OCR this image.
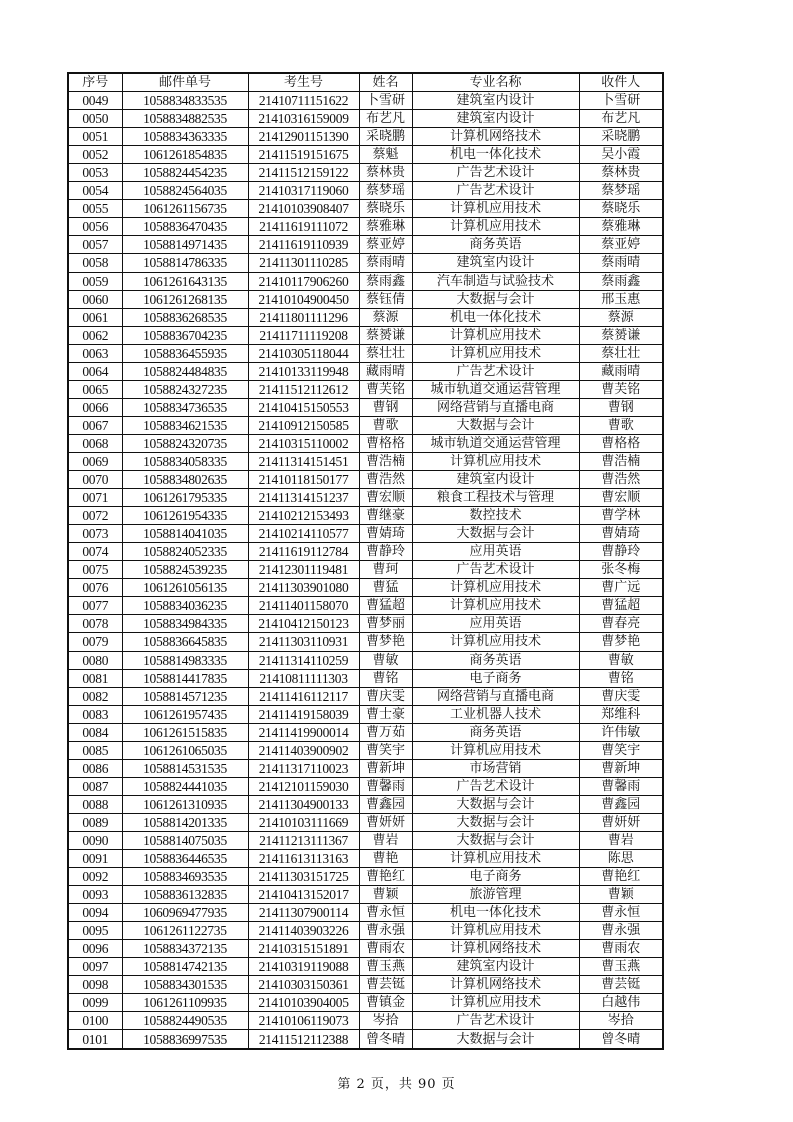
序号	邮件单号	考生号	姓名	专业名称	收件人
0049	1058834833535	21410711151622	卜雪研	建筑室内设计	卜雪研
0050	1058834882535	21410316159009	布艺凡	建筑室内设计	布艺凡
0051	1058834363335	21412901151390	采晓鹏	计算机网络技术	采晓鹏
0052	1061261854835	21411519151675	蔡魁	机电一体化技术	吴小霞
0053	1058824454235	21411512159122	蔡林贵	广告艺术设计	蔡林贵
0054	1058824564035	21410317119060	蔡梦瑶	广告艺术设计	蔡梦瑶
0055	1061261156735	21410103908407	蔡晓乐	计算机应用技术	蔡晓乐
0056	1058836470435	21411619111072	蔡雅琳	计算机应用技术	蔡雅琳
0057	1058814971435	21411619110939	蔡亚婷	商务英语	蔡亚婷
0058	1058814786335	21411301110285	蔡雨晴	建筑室内设计	蔡雨晴
0059	1061261643135	21410117906260	蔡雨鑫	汽车制造与试验技术	蔡雨鑫
0060	1061261268135	21410104900450	蔡钰倩	大数据与会计	邢玉惠
0061	1058836268535	21411801111296	蔡源	机电一体化技术	蔡源
0062	1058836704235	21411711119208	蔡赟谦	计算机应用技术	蔡赟谦
0063	1058836455935	21410305118044	蔡壮壮	计算机应用技术	蔡壮壮
0064	1058824484835	21410133119948	藏雨晴	广告艺术设计	藏雨晴
0065	1058824327235	21411512112612	曹芙铭	城市轨道交通运营管理	曹芙铭
0066	1058834736535	21410415150553	曹钢	网络营销与直播电商	曹钢
0067	1058834621535	21410912150585	曹歌	大数据与会计	曹歌
0068	1058824320735	21410315110002	曹格格	城市轨道交通运营管理	曹格格
0069	1058834058335	21411314151451	曹浩楠	计算机应用技术	曹浩楠
0070	1058834802635	21410118150177	曹浩然	建筑室内设计	曹浩然
0071	1061261795335	21411314151237	曹宏顺	粮食工程技术与管理	曹宏顺
0072	1061261954335	21410212153493	曹继豪	数控技术	曹学林
0073	1058814041035	21410214110577	曹婧琦	大数据与会计	曹婧琦
0074	1058824052335	21411619112784	曹静玲	应用英语	曹静玲
0075	1058824539235	21412301119481	曹珂	广告艺术设计	张冬梅
0076	1061261056135	21411303901080	曹猛	计算机应用技术	曹广远
0077	1058834036235	21411401158070	曹猛超	计算机应用技术	曹猛超
0078	1058834984335	21410412150123	曹梦丽	应用英语	曹春亮
0079	1058836645835	21411303110931	曹梦艳	计算机应用技术	曹梦艳
0080	1058814983335	21411314110259	曹敏	商务英语	曹敏
0081	1058814417835	21410811111303	曹铭	电子商务	曹铭
0082	1058814571235	21411416112117	曹庆雯	网络营销与直播电商	曹庆雯
0083	1061261957435	21411419158039	曹士豪	工业机器人技术	郑维科
0084	1061261515835	21411419900014	曹万茹	商务英语	许伟敏
0085	1061261065035	21411403900902	曹笑宇	计算机应用技术	曹笑宇
0086	1058814531535	21411317110023	曹新坤	市场营销	曹新坤
0087	1058824441035	21412101159030	曹馨雨	广告艺术设计	曹馨雨
0088	1061261310935	21411304900133	曹鑫园	大数据与会计	曹鑫园
0089	1058814201335	21410103111669	曹妍妍	大数据与会计	曹妍妍
0090	1058814075035	21411213111367	曹岩	大数据与会计	曹岩
0091	1058836446535	21411613113163	曹艳	计算机应用技术	陈思
0092	1058834693535	21411303151725	曹艳红	电子商务	曹艳红
0093	1058836132835	21410413152017	曹颖	旅游管理	曹颖
0094	1060969477935	21411307900114	曹永恒	机电一体化技术	曹永恒
0095	1061261122735	21411403903226	曹永强	计算机应用技术	曹永强
0096	1058834372135	21410315151891	曹雨农	计算机网络技术	曹雨农
0097	1058814742135	21410319119088	曹玉燕	建筑室内设计	曹玉燕
0098	1058834301535	21410303150361	曹芸铤	计算机网络技术	曹芸铤
0099	1061261109935	21410103904005	曹镇金	计算机应用技术	白越伟
0100	1058824490535	21410106119073	岑拾	广告艺术设计	岑拾
0101	1058836997535	21411512112388	曾冬晴	大数据与会计	曾冬晴
第 2 页，共 90 页
